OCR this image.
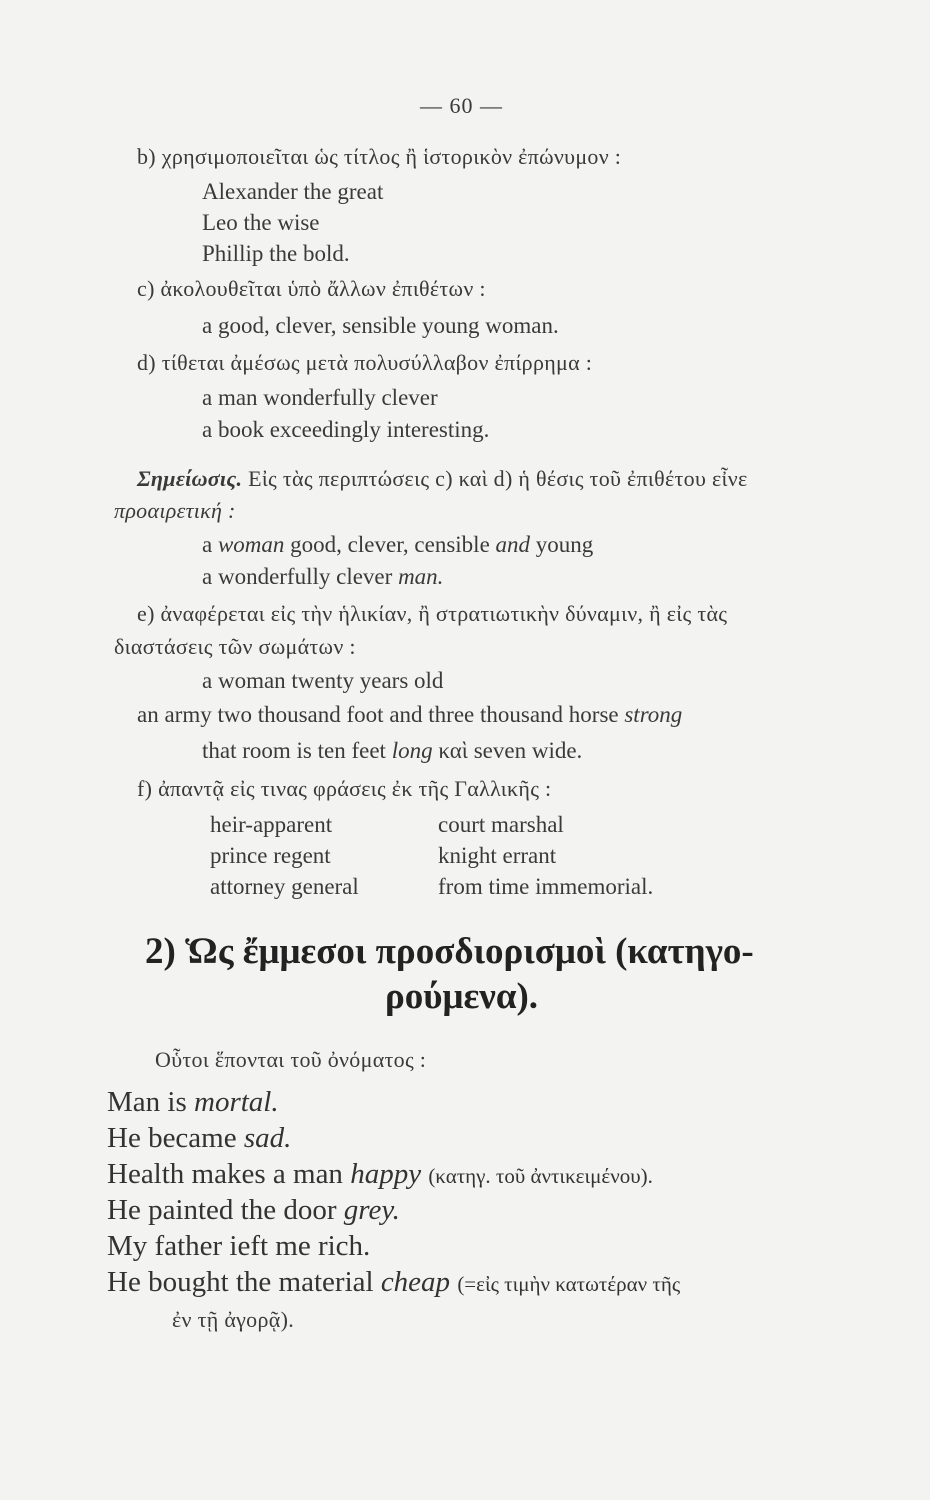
— 60 —
b) χρησιμοποιεῖται ὡς τίτλος ἢ ἱστορικὸν ἐπώνυμον :
Alexander the great
Leo the wise
Phillip the bold.
c) ἀκολουθεῖται ὑπὸ ἄλλων ἐπιθέτων :
a good, clever, sensible young woman.
d) τίθεται ἀμέσως μετὰ πολυσύλλαβον ἐπίρρημα :
a man wonderfully clever
a book exceedingly interesting.
Σημείωσις. Εἰς τὰς περιπτώσεις c) καὶ d) ἡ θέσις τοῦ ἐπιθέτου εἶνε
προαιρετική :
a woman good, clever, censible and young
a wonderfully clever man.
e) ἀναφέρεται εἰς τὴν ἡλικίαν, ἢ στρατιωτικὴν δύναμιν, ἢ εἰς τὰς
διαστάσεις τῶν σωμάτων :
a woman twenty years old
an army two thousand foot and three thousand horse strong
that room is ten feet long καὶ seven wide.
f) ἀπαντᾷ εἰς τινας φράσεις ἐκ τῆς Γαλλικῆς :
heir-apparent
prince regent
attorney general
court marshal
knight errant
from time immemorial.
2) Ὡς ἔμμεσοι προσδιορισμοὶ (κατηγο-
ρούμενα).
Οὗτοι ἕπονται τοῦ ὀνόματος :
Man is mortal.
He became sad.
Health makes a man happy (κατηγ. τοῦ ἀντικειμένου).
He painted the door grey.
My father ieft me rich.
He bought the material cheap (=εἰς τιμὴν κατωτέραν τῆς
ἐν τῇ ἀγορᾷ).
